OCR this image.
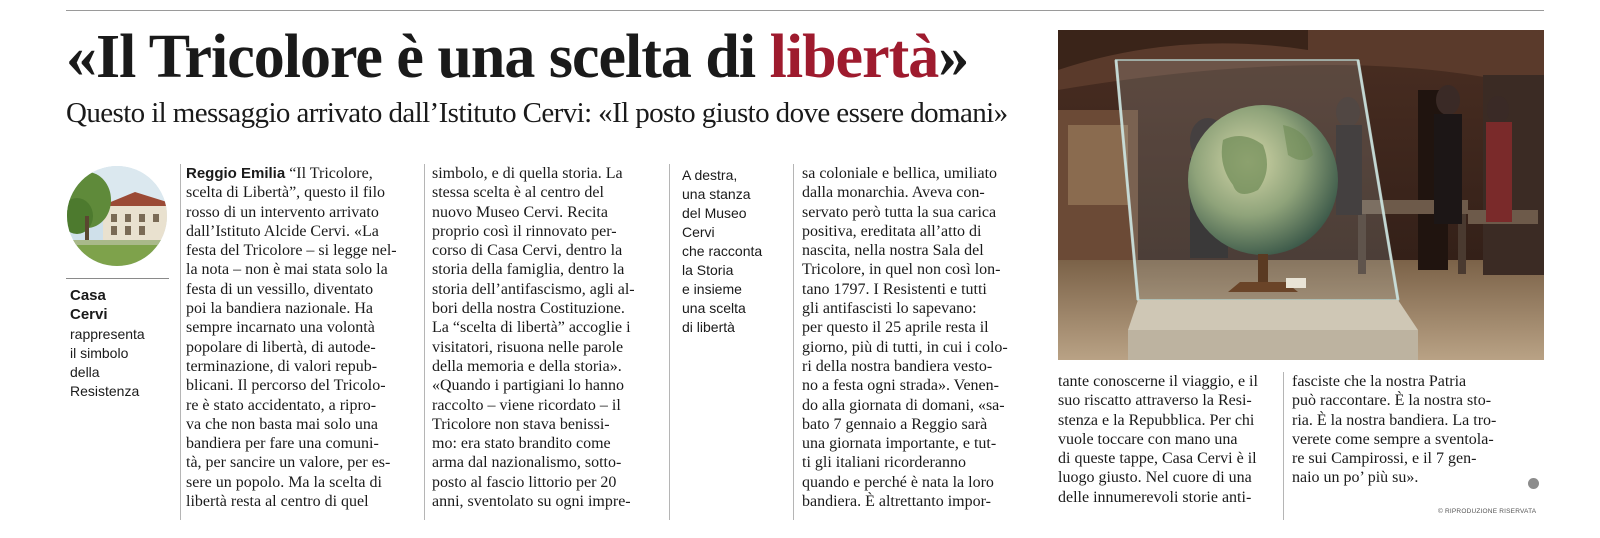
«Il Tricolore è una scelta di libertà»
Questo il messaggio arrivato dall’Istituto Cervi: «Il posto giusto dove essere domani»
Casa
Cervi
rappresenta
il simbolo
della
Resistenza
Reggio Emilia “Il Tricolore,
scelta di Libertà”, questo il filo
rosso di un intervento arrivato
dall’Istituto Alcide Cervi. «La
festa del Tricolore – si legge nel-
la nota – non è mai stata solo la
festa di un vessillo, diventato
poi la bandiera nazionale. Ha
sempre incarnato una volontà
popolare di libertà, di autode-
terminazione, di valori repub-
blicani. Il percorso del Tricolo-
re è stato accidentato, a ripro-
va che non basta mai solo una
bandiera per fare una comuni-
tà, per sancire un valore, per es-
sere un popolo. Ma la scelta di
libertà resta al centro di quel
simbolo, e di quella storia. La
stessa scelta è al centro del
nuovo Museo Cervi. Recita
proprio così il rinnovato per-
corso di Casa Cervi, dentro la
storia della famiglia, dentro la
storia dell’antifascismo, agli al-
bori della nostra Costituzione.
La “scelta di libertà” accoglie i
visitatori, risuona nelle parole
della memoria e della storia».
«Quando i partigiani lo hanno
raccolto – viene ricordato – il
Tricolore non stava benissi-
mo: era stato brandito come
arma dal nazionalismo, sotto-
posto al fascio littorio per 20
anni, sventolato su ogni impre-
A destra,
una stanza
del Museo
Cervi
che racconta
la Storia
e insieme
una scelta
di libertà
sa coloniale e bellica, umiliato
dalla monarchia. Aveva con-
servato però tutta la sua carica
positiva, ereditata all’atto di
nascita, nella nostra Sala del
Tricolore, in quel non così lon-
tano 1797. I Resistenti e tutti
gli antifascisti lo sapevano:
per questo il 25 aprile resta il
giorno, più di tutti, in cui i colo-
ri della nostra bandiera vesto-
no a festa ogni strada». Venen-
do alla giornata di domani, «sa-
bato 7 gennaio a Reggio sarà
una giornata importante, e tut-
ti gli italiani ricorderanno
quando e perché è nata la loro
bandiera. È altrettanto impor-
tante conoscerne il viaggio, e il
suo riscatto attraverso la Resi-
stenza e la Repubblica. Per chi
vuole toccare con mano una
di queste tappe, Casa Cervi è il
luogo giusto. Nel cuore di una
delle innumerevoli storie anti-
fasciste che la nostra Patria
può raccontare. È la nostra sto-
ria. È la nostra bandiera. La tro-
verete come sempre a sventola-
re sui Campirossi, e il 7 gen-
naio un po’ più su».
© RIPRODUZIONE RISERVATA
